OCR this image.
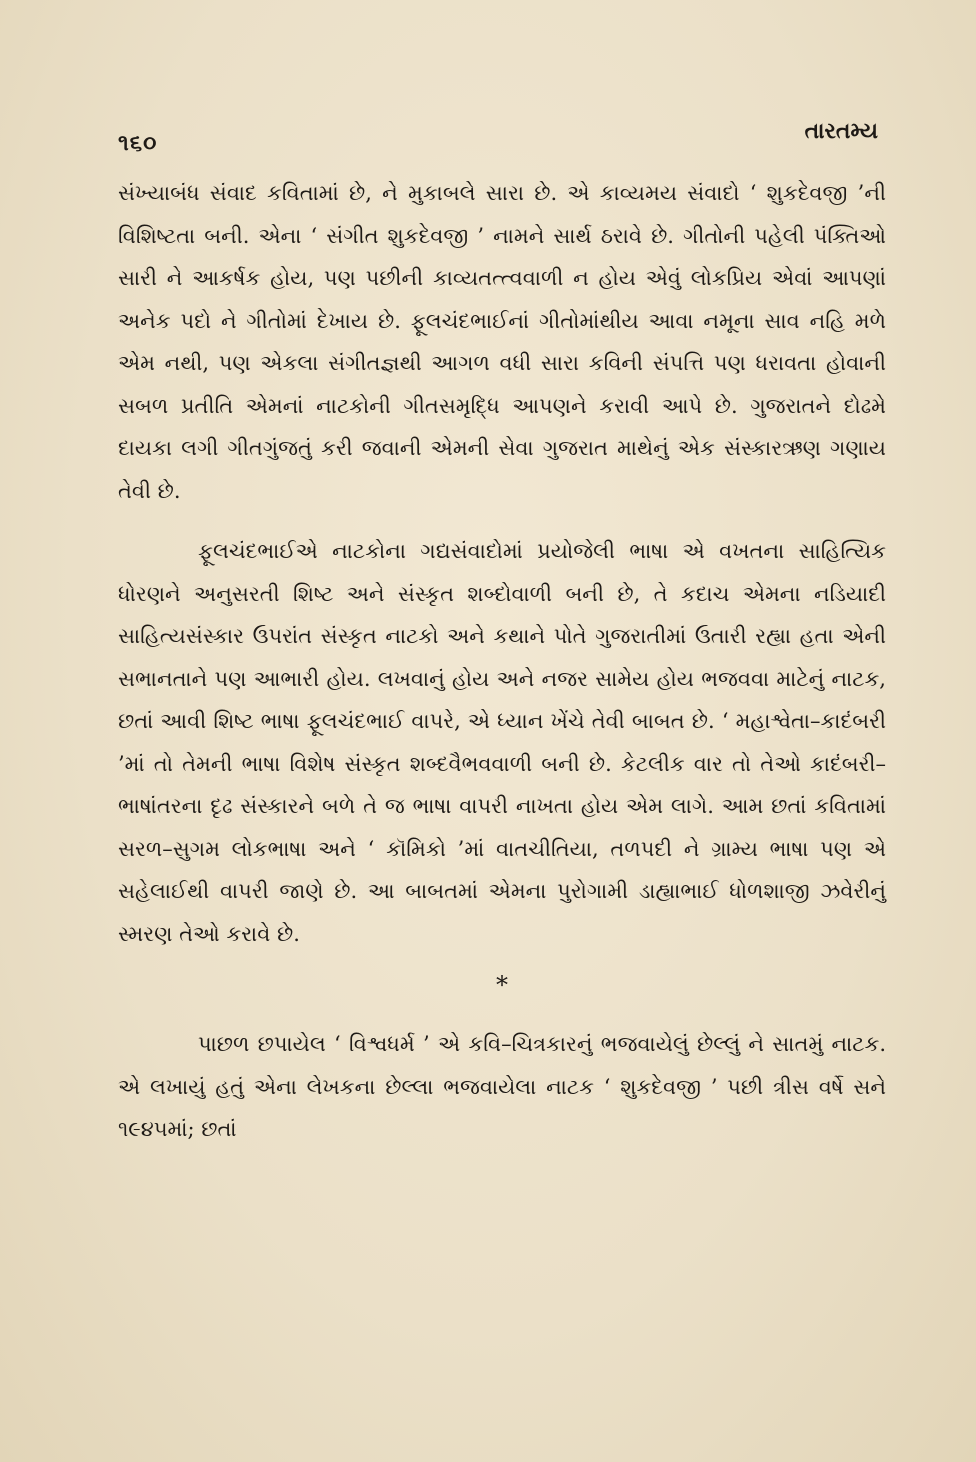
૧૬૦	તારતમ્ય

સંખ્યાબંધ સંવાદ કવિતામાં છે, ને મુકાબલે સારા છે. એ કાવ્યમય સંવાદો ‘ શુકદેવજી ’ની વિશિષ્ટતા બની. એના ‘ સંગીત શુકદેવજી ’ નામને સાર્થ ઠરાવે છે. ગીતોની પહેલી પંક્તિઓ સારી ને આકર્ષક હોય, પણ પછીની કાવ્યતત્ત્વવાળી ન હોય એવું લોકપ્રિય એવાં આપણાં અનેક પદો ને ગીતોમાં દેખાય છે. ફૂલચંદભાઈનાં ગીતોમાંથીય આવા નમૂના સાવ નહિ મળે એમ નથી, પણ એકલા સંગીતજ્ઞથી આગળ વધી સારા કવિની સંપત્તિ પણ ધરાવતા હોવાની સબળ પ્રતીતિ એમનાં નાટકોની ગીતસમૃદ્ધિ આપણને કરાવી આપે છે. ગુજરાતને દોઢમે દાયકા લગી ગીતગુંજતું કરી જવાની એમની સેવા ગુજરાત માથેનું એક સંસ્કારઋણ ગણાય તેવી છે.

ફૂલચંદભાઈએ નાટકોના ગદ્યસંવાદોમાં પ્રયોજેલી ભાષા એ વખતના સાહિત્યિક ધોરણને અનુસરતી શિષ્ટ અને સંસ્કૃત શબ્દોવાળી બની છે, તે કદાચ એમના નડિયાદી સાહિત્યસંસ્કાર ઉપરાંત સંસ્કૃત નાટકો અને કથાને પોતે ગુજરાતીમાં ઉતારી રહ્યા હતા એની સભાનતાને પણ આભારી હોય. લખવાનું હોય અને નજર સામેય હોય ભજવવા માટેનું નાટક, છતાં આવી શિષ્ટ ભાષા ફૂલચંદભાઈ વાપરે, એ ધ્યાન ખેંચે તેવી બાબત છે. ‘ મહાશ્વેતા–કાદંબરી ’માં તો તેમની ભાષા વિશેષ સંસ્કૃત શબ્દવૈભવવાળી બની છે. કેટલીક વાર તો તેઓ કાદંબરી–ભાષાંતરના દૃઢ સંસ્કારને બળે તે જ ભાષા વાપરી નાખતા હોય એમ લાગે. આમ છતાં કવિતામાં સરળ–સુગમ લોકભાષા અને ‘ કૉમિકો ’માં વાતચીતિયા, તળપદી ને ગ્રામ્ય ભાષા પણ એ સહેલાઈથી વાપરી જાણે છે. આ બાબતમાં એમના પુરોગામી ડાહ્યાભાઈ ધોળશાજી ઝવેરીનું સ્મરણ તેઓ કરાવે છે.

*

પાછળ છપાયેલ ‘ વિશ્વધર્મ ’ એ કવિ–ચિત્રકારનું ભજવાયેલું છેલ્લું ને સાતમું નાટક. એ લખાયું હતું એના લેખકના છેલ્લા ભજવાયેલા નાટક ‘ શુકદેવજી ’ પછી ત્રીસ વર્ષે સને ૧૯૪૫માં; છતાં
